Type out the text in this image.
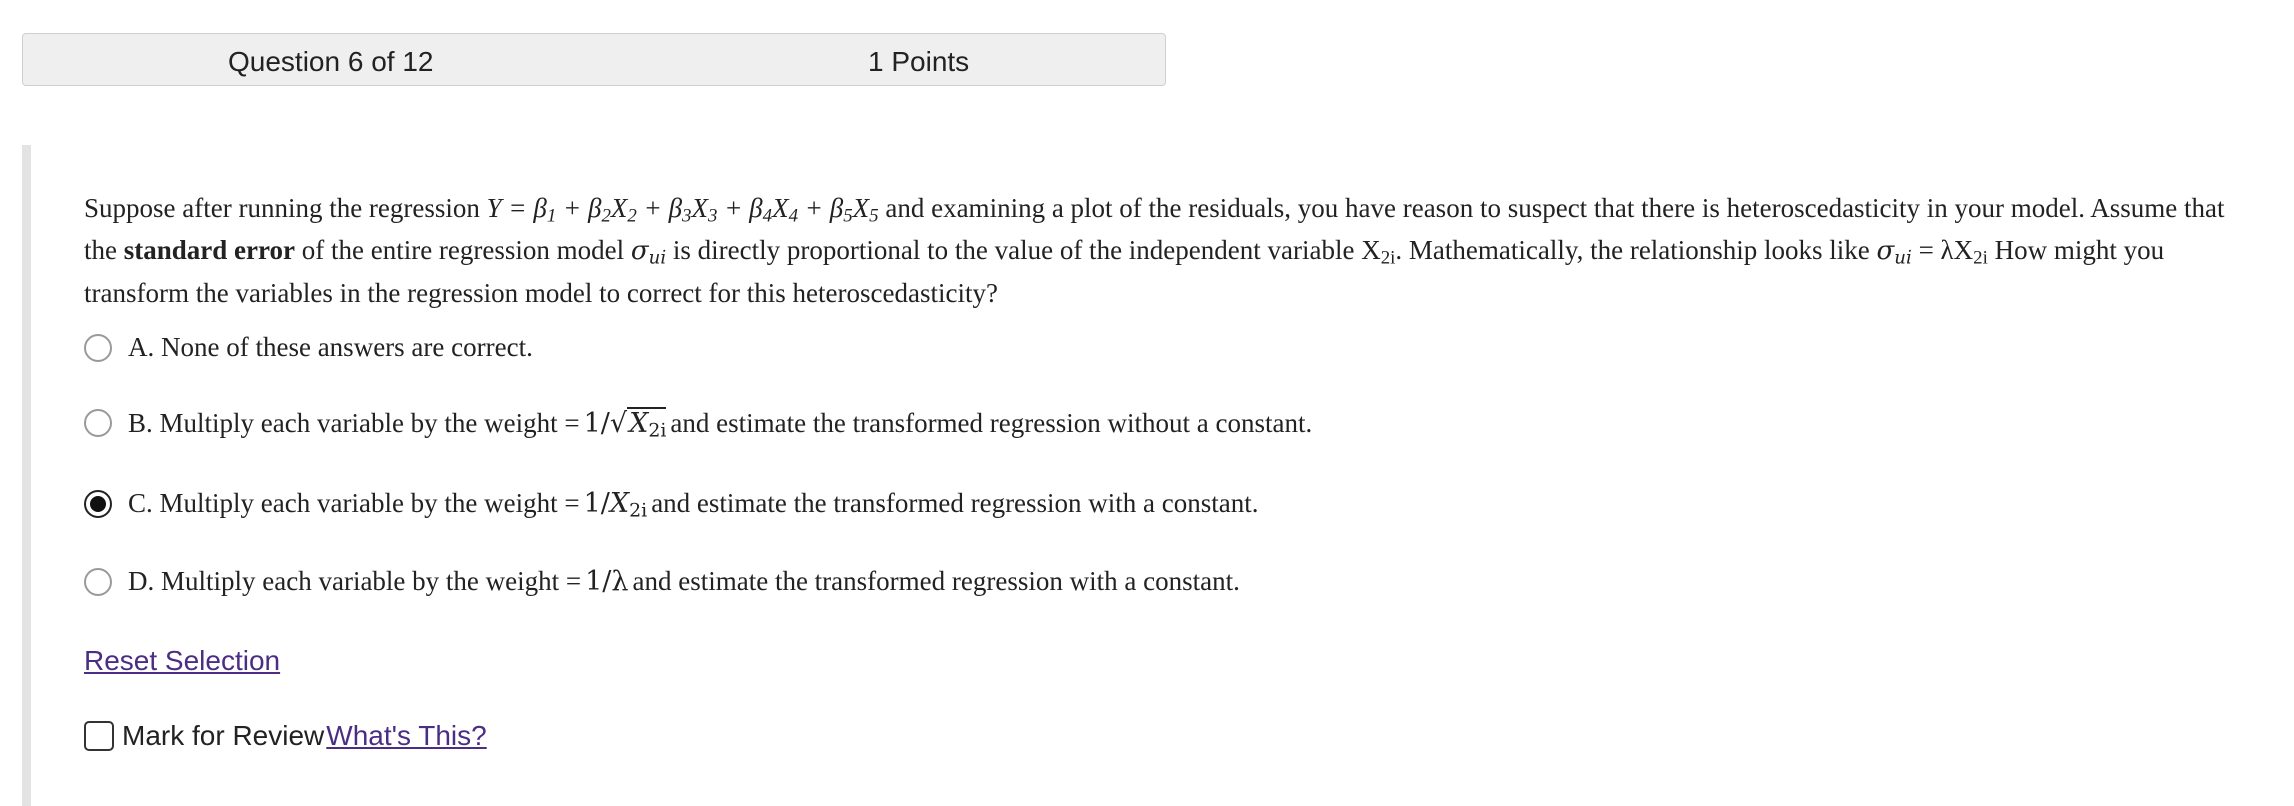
Question 6 of 12	1 Points
Suppose after running the regression $Y = \beta_1 + \beta_2X_2 + \beta_3X_3 + \beta_4X_4 + \beta_5X_5$ and examining a plot of the residuals, you have reason to suspect that there is heteroscedasticity in your model. Assume that the standard error of the entire regression model $\sigma_{ui}$ is directly proportional to the value of the independent variable $X_{2i}$. Mathematically, the relationship looks like $\sigma_{ui} = \lambda X_{2i}$ How might you transform the variables in the regression model to correct for this heteroscedasticity?
A.
None of these answers are correct.
B.
Multiply each variable by the weight = $1/√X_{2i}$ and estimate the transformed regression without a constant.
C.
Multiply each variable by the weight = $1/X_{2i}$ and estimate the transformed regression with a constant.
D.
Multiply each variable by the weight = 1/λ and estimate the transformed regression with a constant.
Reset Selection
Mark for Review What's This?
